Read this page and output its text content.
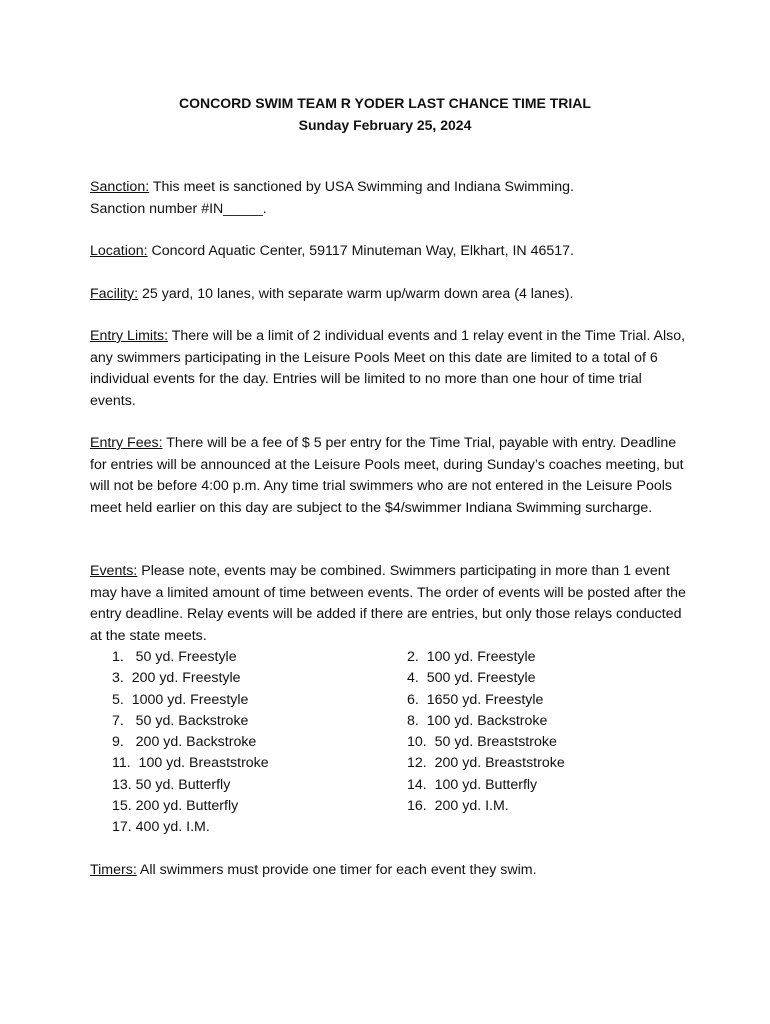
CONCORD SWIM TEAM R YODER LAST CHANCE TIME TRIAL
Sunday February 25, 2024
Sanction: This meet is sanctioned by USA Swimming and Indiana Swimming.
Sanction number #IN_____.
Location: Concord Aquatic Center, 59117 Minuteman Way, Elkhart, IN 46517.
Facility: 25 yard, 10 lanes, with separate warm up/warm down area (4 lanes).
Entry Limits: There will be a limit of 2 individual events and 1 relay event in the Time Trial. Also, any swimmers participating in the Leisure Pools Meet on this date are limited to a total of 6 individual events for the day. Entries will be limited to no more than one hour of time trial events.
Entry Fees: There will be a fee of $ 5 per entry for the Time Trial, payable with entry. Deadline for entries will be announced at the Leisure Pools meet, during Sunday’s coaches meeting, but will not be before 4:00 p.m. Any time trial swimmers who are not entered in the Leisure Pools meet held earlier on this day are subject to the $4/swimmer Indiana Swimming surcharge.
Events: Please note, events may be combined. Swimmers participating in more than 1 event may have a limited amount of time between events. The order of events will be posted after the entry deadline. Relay events will be added if there are entries, but only those relays conducted at the state meets.
1.   50 yd. Freestyle	2.  100 yd. Freestyle
3.  200 yd. Freestyle	4.  500 yd. Freestyle
5.  1000 yd. Freestyle	6.  1650 yd. Freestyle
7.   50 yd. Backstroke	8.  100 yd. Backstroke
9.   200 yd. Backstroke	10.  50 yd. Breaststroke
11.  100 yd. Breaststroke	12.  200 yd. Breaststroke
13. 50 yd. Butterfly	14.  100 yd. Butterfly
15. 200 yd. Butterfly	16.  200 yd. I.M.
17. 400 yd. I.M.
Timers: All swimmers must provide one timer for each event they swim.
